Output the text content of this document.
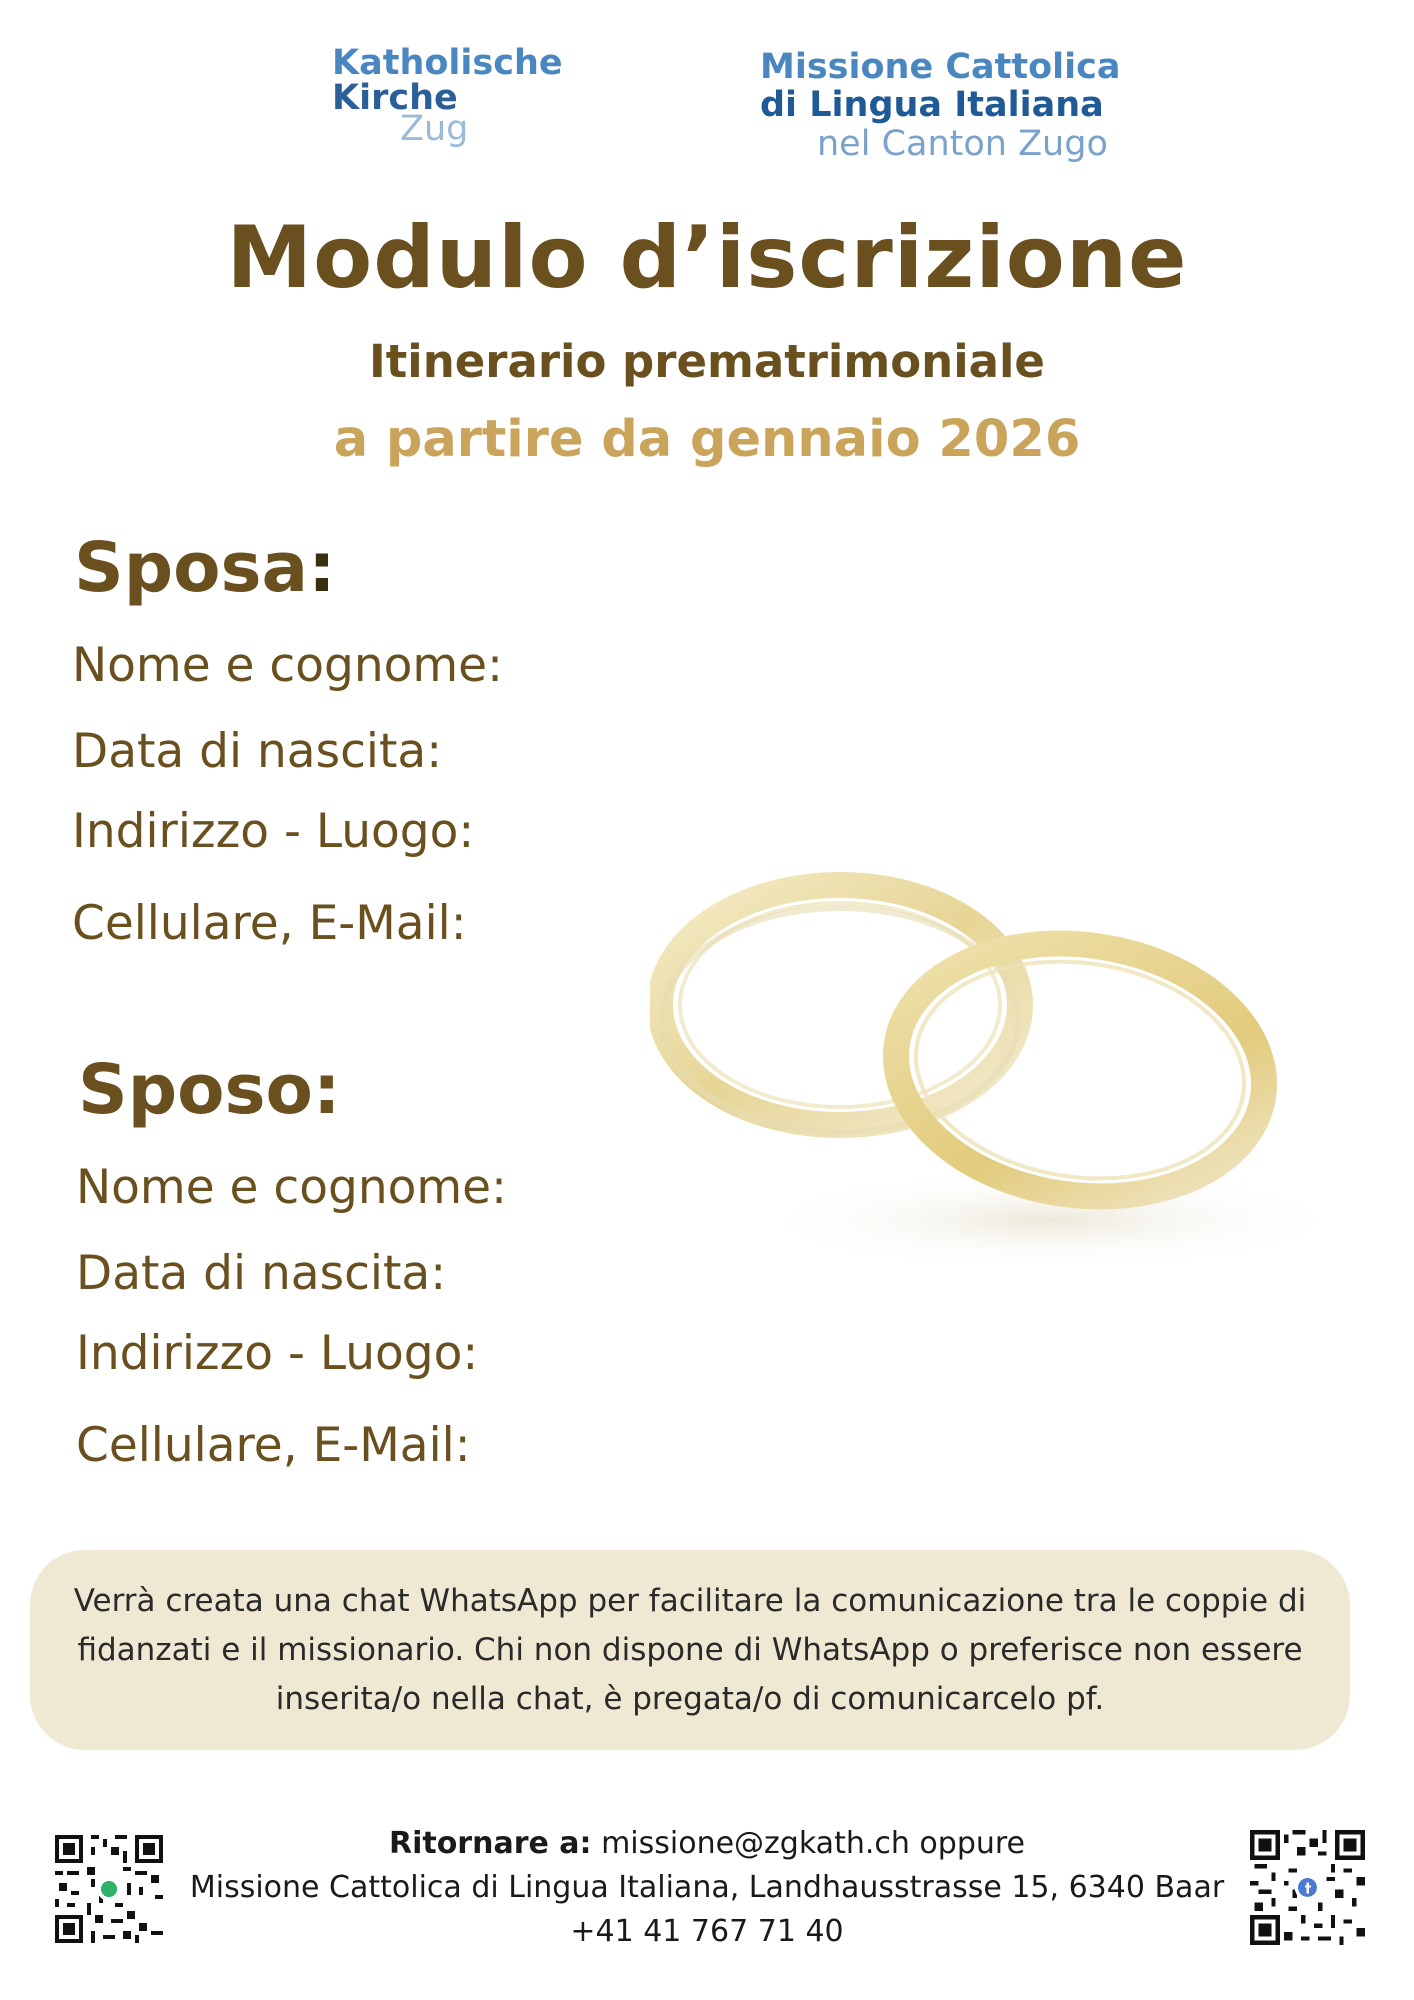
Katholische
Kirche
Zug
Missione Cattolica
di Lingua Italiana
nel Canton Zugo
Modulo d’iscrizione
Itinerario prematrimoniale
a partire da gennaio 2026
Sposa:
Nome e cognome:
Data di nascita:
Indirizzo - Luogo:
Cellulare, E-Mail:
Sposo:
Nome e cognome:
Data di nascita:
Indirizzo - Luogo:
Cellulare, E-Mail:
Verrà creata una chat WhatsApp per facilitare la comunicazione tra le coppie di
fidanzati e il missionario. Chi non dispone di WhatsApp o preferisce non essere
inserita/o nella chat, è pregata/o di comunicarcelo pf.
Ritornare a: missione@zgkath.ch oppure
Missione Cattolica di Lingua Italiana, Landhausstrasse 15, 6340 Baar
+41 41 767 71 40
